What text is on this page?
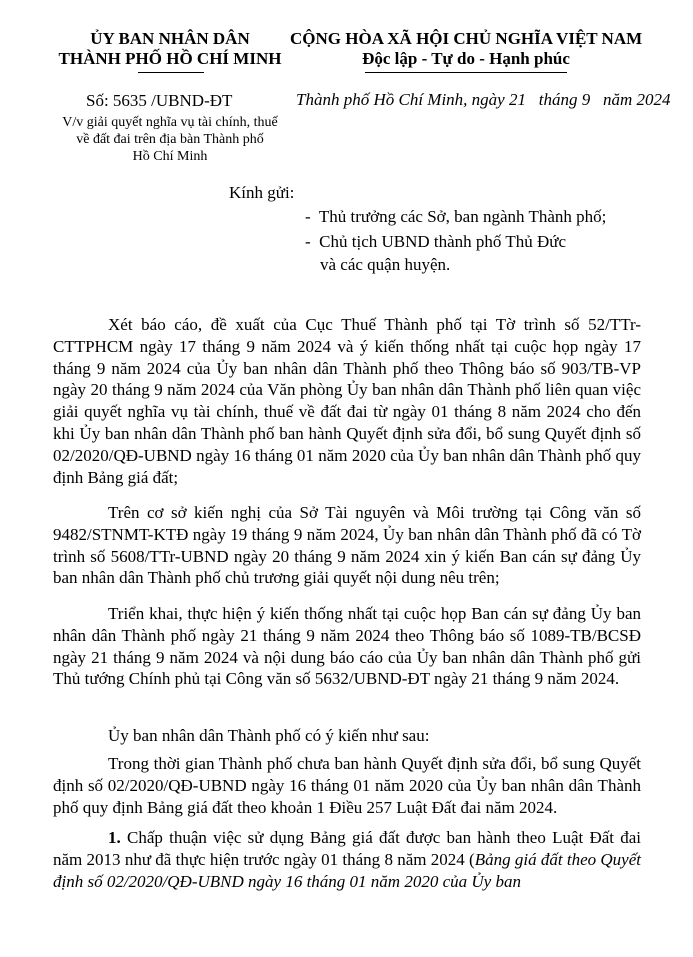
ỦY BAN NHÂN DÂN
THÀNH PHỐ HỒ CHÍ MINH
Số: 5635 /UBND-ĐT
V/v giải quyết nghĩa vụ tài chính, thuế
về đất đai trên địa bàn Thành phố
Hồ Chí Minh
CỘNG HÒA XÃ HỘI CHỦ NGHĨA VIỆT NAM
Độc lập - Tự do - Hạnh phúc
Thành phố Hồ Chí Minh, ngày 21   tháng 9   năm 2024
Kính gửi:
-  Thủ trưởng các Sở, ban ngành Thành phố;
-  Chủ tịch UBND thành phố Thủ Đức
và các quận huyện.

Xét báo cáo, đề xuất của Cục Thuế Thành phố tại Tờ trình số 52/TTr-CTTPHCM ngày 17 tháng 9 năm 2024 và ý kiến thống nhất tại cuộc họp ngày 17 tháng 9 năm 2024 của Ủy ban nhân dân Thành phố theo Thông báo số 903/TB-VP ngày 20 tháng 9 năm 2024 của Văn phòng Ủy ban nhân dân Thành phố liên quan việc giải quyết nghĩa vụ tài chính, thuế về đất đai từ ngày 01 tháng 8 năm 2024 cho đến khi Ủy ban nhân dân Thành phố ban hành Quyết định sửa đổi, bổ sung Quyết định số 02/2020/QĐ-UBND ngày 16 tháng 01 năm 2020 của Ủy ban nhân dân Thành phố quy định Bảng giá đất;

Trên cơ sở kiến nghị của Sở Tài nguyên và Môi trường tại Công văn số 9482/STNMT-KTĐ ngày 19 tháng 9 năm 2024, Ủy ban nhân dân Thành phố đã có Tờ trình số 5608/TTr-UBND ngày 20 tháng 9 năm 2024 xin ý kiến Ban cán sự đảng Ủy ban nhân dân Thành phố chủ trương giải quyết nội dung nêu trên;

Triển khai, thực hiện ý kiến thống nhất tại cuộc họp Ban cán sự đảng Ủy ban nhân dân Thành phố ngày 21 tháng 9 năm 2024 theo Thông báo số 1089-TB/BCSĐ ngày 21 tháng 9 năm 2024 và nội dung báo cáo của Ủy ban nhân dân Thành phố gửi Thủ tướng Chính phủ tại Công văn số 5632/UBND-ĐT ngày 21 tháng 9 năm 2024.

Ủy ban nhân dân Thành phố có ý kiến như sau:

Trong thời gian Thành phố chưa ban hành Quyết định sửa đổi, bổ sung Quyết định số 02/2020/QĐ-UBND ngày 16 tháng 01 năm 2020 của Ủy ban nhân dân Thành phố quy định Bảng giá đất theo khoản 1 Điều 257 Luật Đất đai năm 2024.

1. Chấp thuận việc sử dụng Bảng giá đất được ban hành theo Luật Đất đai năm 2013 như đã thực hiện trước ngày 01 tháng 8 năm 2024 (Bảng giá đất theo Quyết định số 02/2020/QĐ-UBND ngày 16 tháng 01 năm 2020 của Ủy ban
